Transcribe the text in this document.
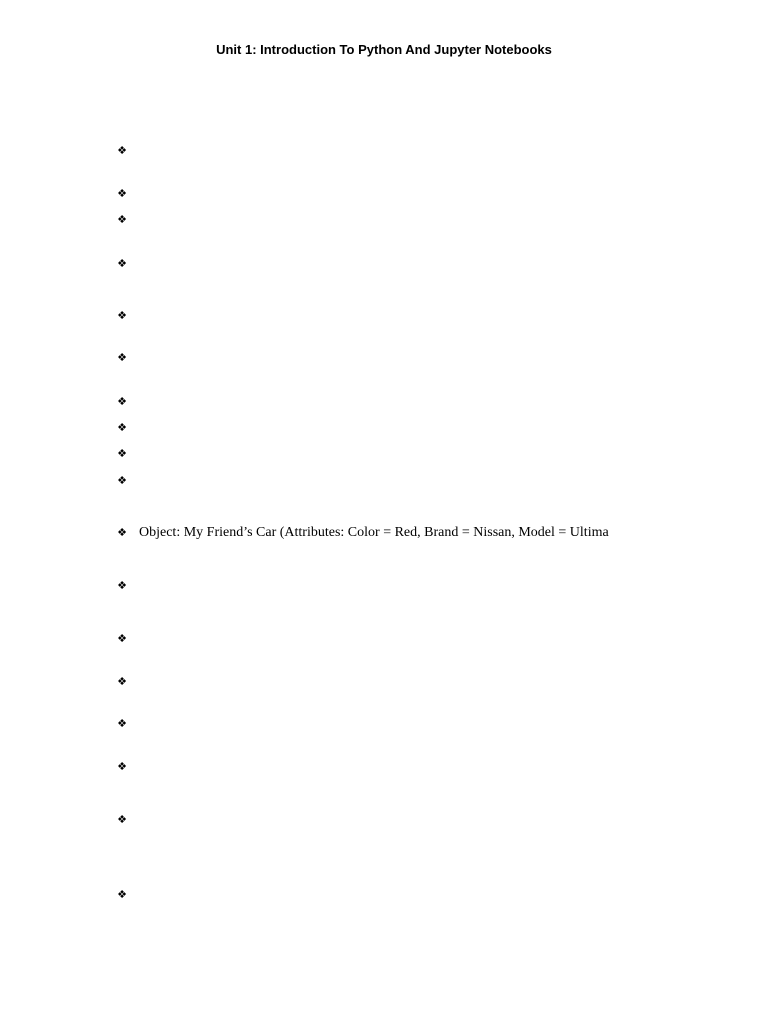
Unit 1: Introduction To Python And Jupyter Notebooks
❖
❖
❖
❖
❖
❖
❖
❖
❖
❖
❖ Object: My Friend’s Car (Attributes: Color = Red, Brand = Nissan, Model = Ultima
❖
❖
❖
❖
❖
❖
❖
